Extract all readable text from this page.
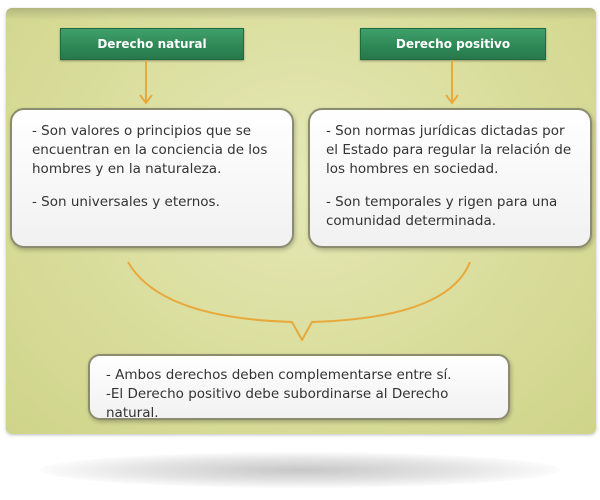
Derecho natural	Derecho positivo

- Son valores o principios que se encuentran en la conciencia de los hombres y en la naturaleza.

- Son universales y eternos.

- Son normas jurídicas dictadas por el Estado para regular la relación de los hombres en sociedad.

- Son temporales y rigen para una comunidad determinada.

- Ambos derechos deben complementarse entre sí.
-El Derecho positivo debe subordinarse al Derecho natural.
